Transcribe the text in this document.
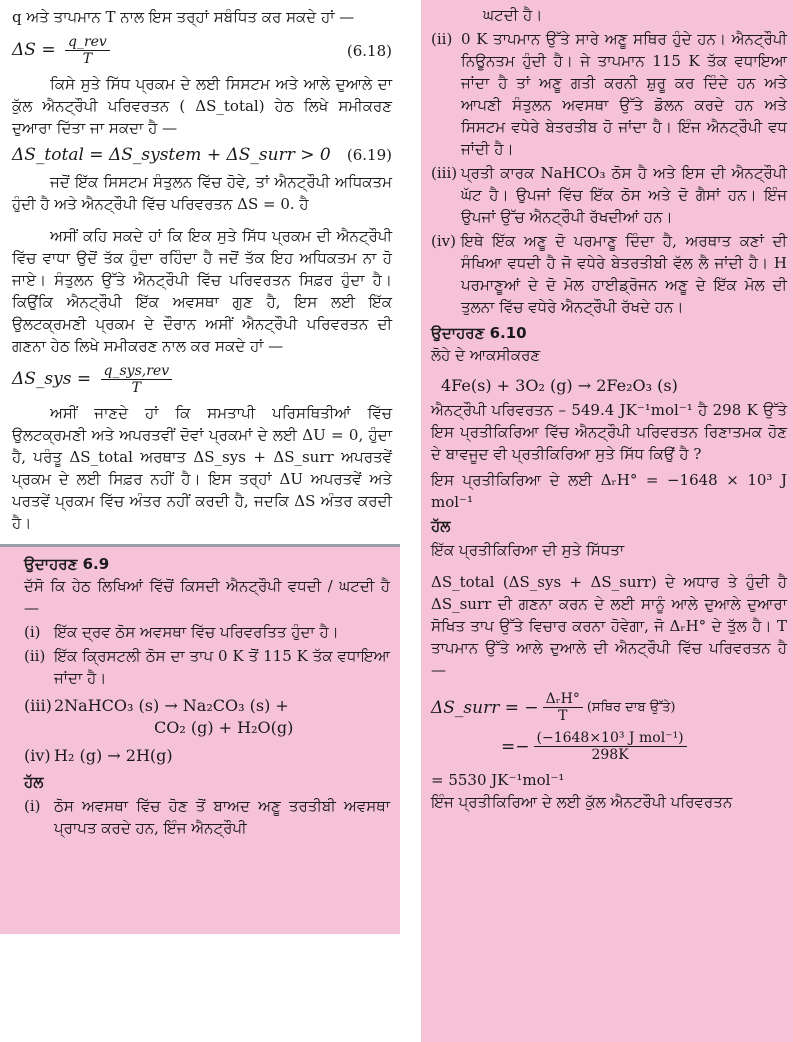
q ਅਤੇ ਤਾਪਮਾਨ T ਨਾਲ ਇਸ ਤਰ੍ਹਾਂ ਸਬੰਧਿਤ ਕਰ ਸਕਦੇ ਹਾਂ —

$\Delta S = \frac{\text{q\_rev}}{T}$	(6.18)

ਕਿਸੇ ਸੁਤੇ ਸਿੱਧ ਪ੍ਰਕਮ ਦੇ ਲਈ ਸਿਸਟਮ ਅਤੇ ਆਲੇ ਦੁਆਲੇ ਦਾ ਕੁੱਲ ਐਨਟ੍ਰੌਪੀ ਪਰਿਵਰਤਨ ( ΔS_total) ਹੇਠ ਲਿਖੇ ਸਮੀਕਰਣ ਦੁਆਰਾ ਦਿੱਤਾ ਜਾ ਸਕਦਾ ਹੈ —

ΔS_total = ΔS_system + ΔS_surr > 0 (6.19)

ਜਦੋਂ ਇੱਕ ਸਿਸਟਮ ਸੰਤੁਲਨ ਵਿੱਚ ਹੋਵੇ, ਤਾਂ ਐਨਟ੍ਰੌਪੀ ਅਧਿਕਤਮ ਹੁੰਦੀ ਹੈ ਅਤੇ ਐਨਟ੍ਰੌਪੀ ਵਿੱਚ ਪਰਿਵਰਤਨ ΔS = 0. ਹੈ

ਅਸੀਂ ਕਹਿ ਸਕਦੇ ਹਾਂ ਕਿ ਇਕ ਸੁਤੇ ਸਿੱਧ ਪ੍ਰਕਮ ਦੀ ਐਨਟ੍ਰੌਪੀ ਵਿੱਚ ਵਾਧਾ ਉਦੋਂ ਤੱਕ ਹੁੰਦਾ ਰਹਿੰਦਾ ਹੈ ਜਦੋਂ ਤੱਕ ਇਹ ਅਧਿਕਤਮ ਨਾ ਹੋ ਜਾਏ। ਸੰਤੁਲਨ ਉੱਤੇ ਐਨਟ੍ਰੌਪੀ ਵਿੱਚ ਪਰਿਵਰਤਨ ਸਿਫ਼ਰ ਹੁੰਦਾ ਹੈ। ਕਿਉਂਕਿ ਐਨਟ੍ਰੌਪੀ ਇੱਕ ਅਵਸਥਾ ਗੁਣ ਹੈ, ਇਸ ਲਈ ਇੱਕ ਉਲਟਕ੍ਰਮਣੀ ਪ੍ਰਕਮ ਦੇ ਦੌਰਾਨ ਅਸੀਂ ਐਨਟ੍ਰੌਪੀ ਪਰਿਵਰਤਨ ਦੀ ਗਣਨਾ ਹੇਠ ਲਿਖੇ ਸਮੀਕਰਣ ਨਾਲ ਕਰ ਸਕਦੇ ਹਾਂ —

ΔS_sys = $\frac{\text{q\_sys,rev}}{T}$

ਅਸੀਂ ਜਾਣਦੇ ਹਾਂ ਕਿ ਸਮਤਾਪੀ ਪਰਿਸਥਿਤੀਆਂ ਵਿੱਚ ਉਲਟਕ੍ਰਮਣੀ ਅਤੇ ਅਪਰਤਵੀਂ ਦੋਵਾਂ ਪ੍ਰਕਮਾਂ ਦੇ ਲਈ ΔU = 0, ਹੁੰਦਾ ਹੈ, ਪਰੰਤੂ ΔS_total ਅਰਥਾਤ ΔS_sys + ΔS_surr ਅਪਰਤਵੇਂ ਪ੍ਰਕਮ ਦੇ ਲਈ ਸਿਫ਼ਰ ਨਹੀਂ ਹੈ। ਇਸ ਤਰ੍ਹਾਂ ΔU ਅਪਰਤਵੇਂ ਅਤੇ ਪਰਤਵੇਂ ਪ੍ਰਕਮ ਵਿੱਚ ਅੰਤਰ ਨਹੀਂ ਕਰਦੀ ਹੈ, ਜਦਕਿ ΔS ਅੰਤਰ ਕਰਦੀ ਹੈ।

ਉਦਾਹਰਣ 6.9

ਦੱਸੋ ਕਿ ਹੇਠ ਲਿਖਿਆਂ ਵਿੱਚੋਂ ਕਿਸਦੀ ਐਨਟ੍ਰੌਪੀ ਵਧਦੀ / ਘਟਦੀ ਹੈ —

(i) ਇੱਕ ਦ੍ਰਵ ਠੋਸ ਅਵਸਥਾ ਵਿੱਚ ਪਰਿਵਰਤਿਤ ਹੁੰਦਾ ਹੈ।
(ii) ਇੱਕ ਕ੍ਰਿਸਟਲੀ ਠੋਸ ਦਾ ਤਾਪ 0 K ਤੋਂ 115 K ਤੱਕ ਵਧਾਇਆ ਜਾਂਦਾ ਹੈ।
(iii) 2NaHCO₃ (s) → Na₂CO₃ (s) +
CO₂ (g) + H₂O(g)
(iv) H₂ (g) → 2H(g)
ਹੱਲ
(i) ਠੋਸ ਅਵਸਥਾ ਵਿੱਚ ਹੋਣ ਤੋਂ ਬਾਅਦ ਅਣੂ ਤਰਤੀਬੀ ਅਵਸਥਾ ਪ੍ਰਾਪਤ ਕਰਦੇ ਹਨ, ਇੰਜ ਐਨਟ੍ਰੌਪੀ

ਘਟਦੀ ਹੈ।

(ii) 0 K ਤਾਪਮਾਨ ਉੱਤੇ ਸਾਰੇ ਅਣੂ ਸਥਿਰ ਹੁੰਦੇ ਹਨ। ਐਨਟ੍ਰੌਪੀ ਨਿਊਨਤਮ ਹੁੰਦੀ ਹੈ। ਜੇ ਤਾਪਮਾਨ 115 K ਤੱਕ ਵਧਾਇਆ ਜਾਂਦਾ ਹੈ ਤਾਂ ਅਣੂ ਗਤੀ ਕਰਨੀ ਸ਼ੁਰੂ ਕਰ ਦਿੰਦੇ ਹਨ ਅਤੇ ਆਪਣੀ ਸੰਤੁਲਨ ਅਵਸਥਾ ਉੱਤੇ ਡੋਲਨ ਕਰਦੇ ਹਨ ਅਤੇ ਸਿਸਟਮ ਵਧੇਰੇ ਬੇਤਰਤੀਬ ਹੋ ਜਾਂਦਾ ਹੈ। ਇੰਜ ਐਨਟ੍ਰੌਪੀ ਵਧ ਜਾਂਦੀ ਹੈ।
(iii) ਪ੍ਰਤੀ ਕਾਰਕ NaHCO₃ ਠੋਸ ਹੈ ਅਤੇ ਇਸ ਦੀ ਐਨਟ੍ਰੌਪੀ ਘੱਟ ਹੈ। ਉਪਜਾਂ ਵਿੱਚ ਇੱਕ ਠੋਸ ਅਤੇ ਦੋ ਗੈਸਾਂ ਹਨ। ਇੰਜ ਉਪਜਾਂ ਉੱਚ ਐਨਟ੍ਰੌਪੀ ਰੱਖਦੀਆਂ ਹਨ।
(iv) ਇਥੇ ਇੱਕ ਅਣੂ ਦੋ ਪਰਮਾਣੂ ਦਿੰਦਾ ਹੈ, ਅਰਥਾਤ ਕਣਾਂ ਦੀ ਸੰਖਿਆ ਵਧਦੀ ਹੈ ਜੋ ਵਧੇਰੇ ਬੇਤਰਤੀਬੀ ਵੱਲ ਲੈ ਜਾਂਦੀ ਹੈ। H ਪਰਮਾਣੂਆਂ ਦੇ ਦੋ ਮੋਲ ਹਾਈਡ੍ਰੋਜਨ ਅਣੂ ਦੇ ਇੱਕ ਮੋਲ ਦੀ ਤੁਲਨਾ ਵਿੱਚ ਵਧੇਰੇ ਐਨਟ੍ਰੌਪੀ ਰੱਖਦੇ ਹਨ।
ਉਦਾਹਰਣ 6.10

ਲੋਹੇ ਦੇ ਆਕਸੀਕਰਣ

4Fe(s) + 3O₂ (g) → 2Fe₂O₃ (s)

ਐਨਟ੍ਰੌਪੀ ਪਰਿਵਰਤਨ – 549.4 JK⁻¹mol⁻¹ ਹੈ 298 K ਉੱਤੇ ਇਸ ਪ੍ਰਤੀਕਿਰਿਆ ਵਿੱਚ ਐਨਟ੍ਰੌਪੀ ਪਰਿਵਰਤਨ ਰਿਣਾਤਮਕ ਹੋਣ ਦੇ ਬਾਵਜੂਦ ਵੀ ਪ੍ਰਤੀਕਿਰਿਆ ਸੁਤੇ ਸਿੱਧ ਕਿਉਂ ਹੈ ?

ਇਸ ਪ੍ਰਤੀਕਿਰਿਆ ਦੇ ਲਈ ΔᵣH° = −1648 × 10³ J mol⁻¹

ਹੱਲ

ਇੱਕ ਪ੍ਰਤੀਕਿਰਿਆ ਦੀ ਸੁਤੇ ਸਿੱਧਤਾ

ΔS_total (ΔS_sys + ΔS_surr) ਦੇ ਅਧਾਰ ਤੇ ਹੁੰਦੀ ਹੈ ΔS_surr ਦੀ ਗਣਨਾ ਕਰਨ ਦੇ ਲਈ ਸਾਨੂੰ ਆਲੇ ਦੁਆਲੇ ਦੁਆਰਾ ਸੋਖਿਤ ਤਾਪ ਉੱਤੇ ਵਿਚਾਰ ਕਰਨਾ ਹੋਵੇਗਾ, ਜੋ ΔᵣH° ਦੇ ਤੁੱਲ ਹੈ। T ਤਾਪਮਾਨ ਉੱਤੇ ਆਲੇ ਦੁਆਲੇ ਦੀ ਐਨਟ੍ਰੌਪੀ ਵਿੱਚ ਪਰਿਵਰਤਨ ਹੈ —

ΔS_surr = − $\frac{\text{ΔᵣH°}}{T}$ (ਸਥਿਰ ਦਾਬ ਉੱਤੇ)
=− $\frac{\text{(−1648×10³ J mol⁻¹)}}{298K}$

= 5530 JK⁻¹mol⁻¹

ਇੰਜ ਪ੍ਰਤੀਕਿਰਿਆ ਦੇ ਲਈ ਕੁੱਲ ਐਨਟਰੌਪੀ ਪਰਿਵਰਤਨ
